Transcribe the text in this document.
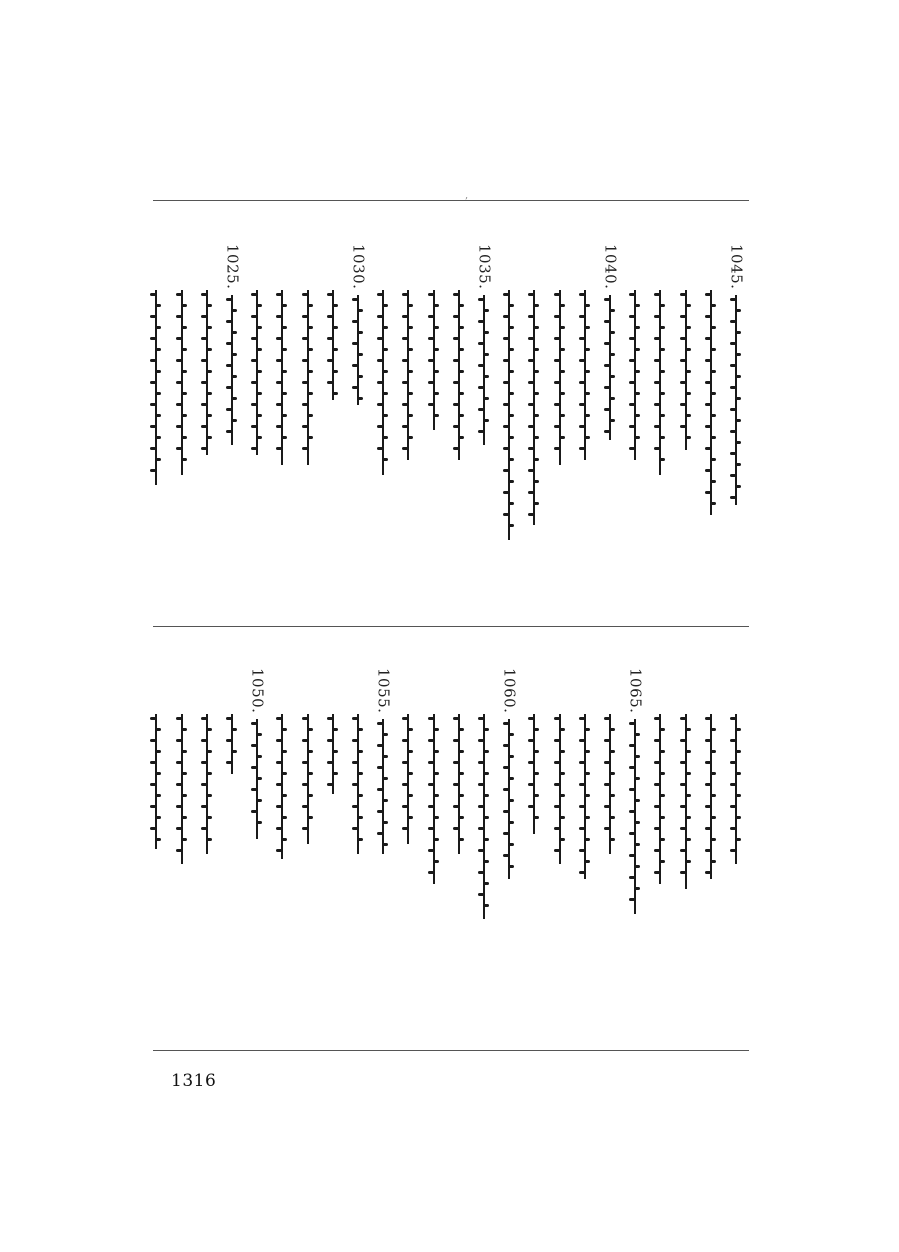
,
1045.
1040.
1035.
1030.
1025.
1065.
1060.
1055.
1050.
1316
